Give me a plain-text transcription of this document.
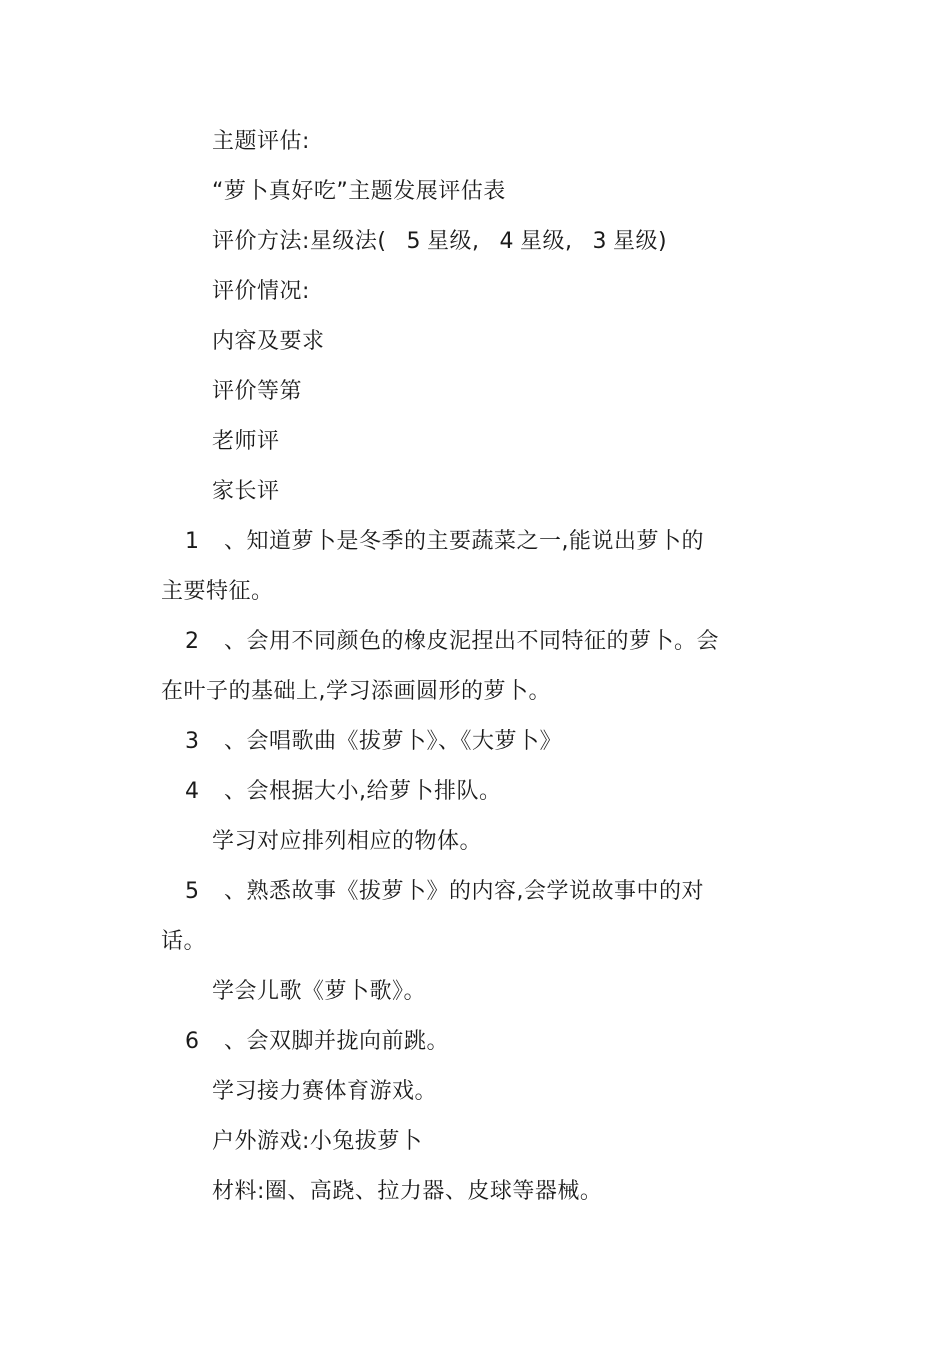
主题评估:
“萝卜真好吃”主题发展评估表
评价方法:星级法( 5 星级, 4 星级, 3 星级)
评价情况:
内容及要求
评价等第
老师评
家长评
1 、知道萝卜是冬季的主要蔬菜之一,能说出萝卜的
主要特征。
2 、会用不同颜色的橡皮泥捏出不同特征的萝卜。会
在叶子的基础上,学习添画圆形的萝卜。
3 、会唱歌曲《拔萝卜》、《大萝卜》
4 、会根据大小,给萝卜排队。
学习对应排列相应的物体。
5 、熟悉故事《拔萝卜》的内容,会学说故事中的对
话。
学会儿歌《萝卜歌》。
6 、会双脚并拢向前跳。
学习接力赛体育游戏。
户外游戏:小兔拔萝卜
材料:圈、高跷、拉力器、皮球等器械。
